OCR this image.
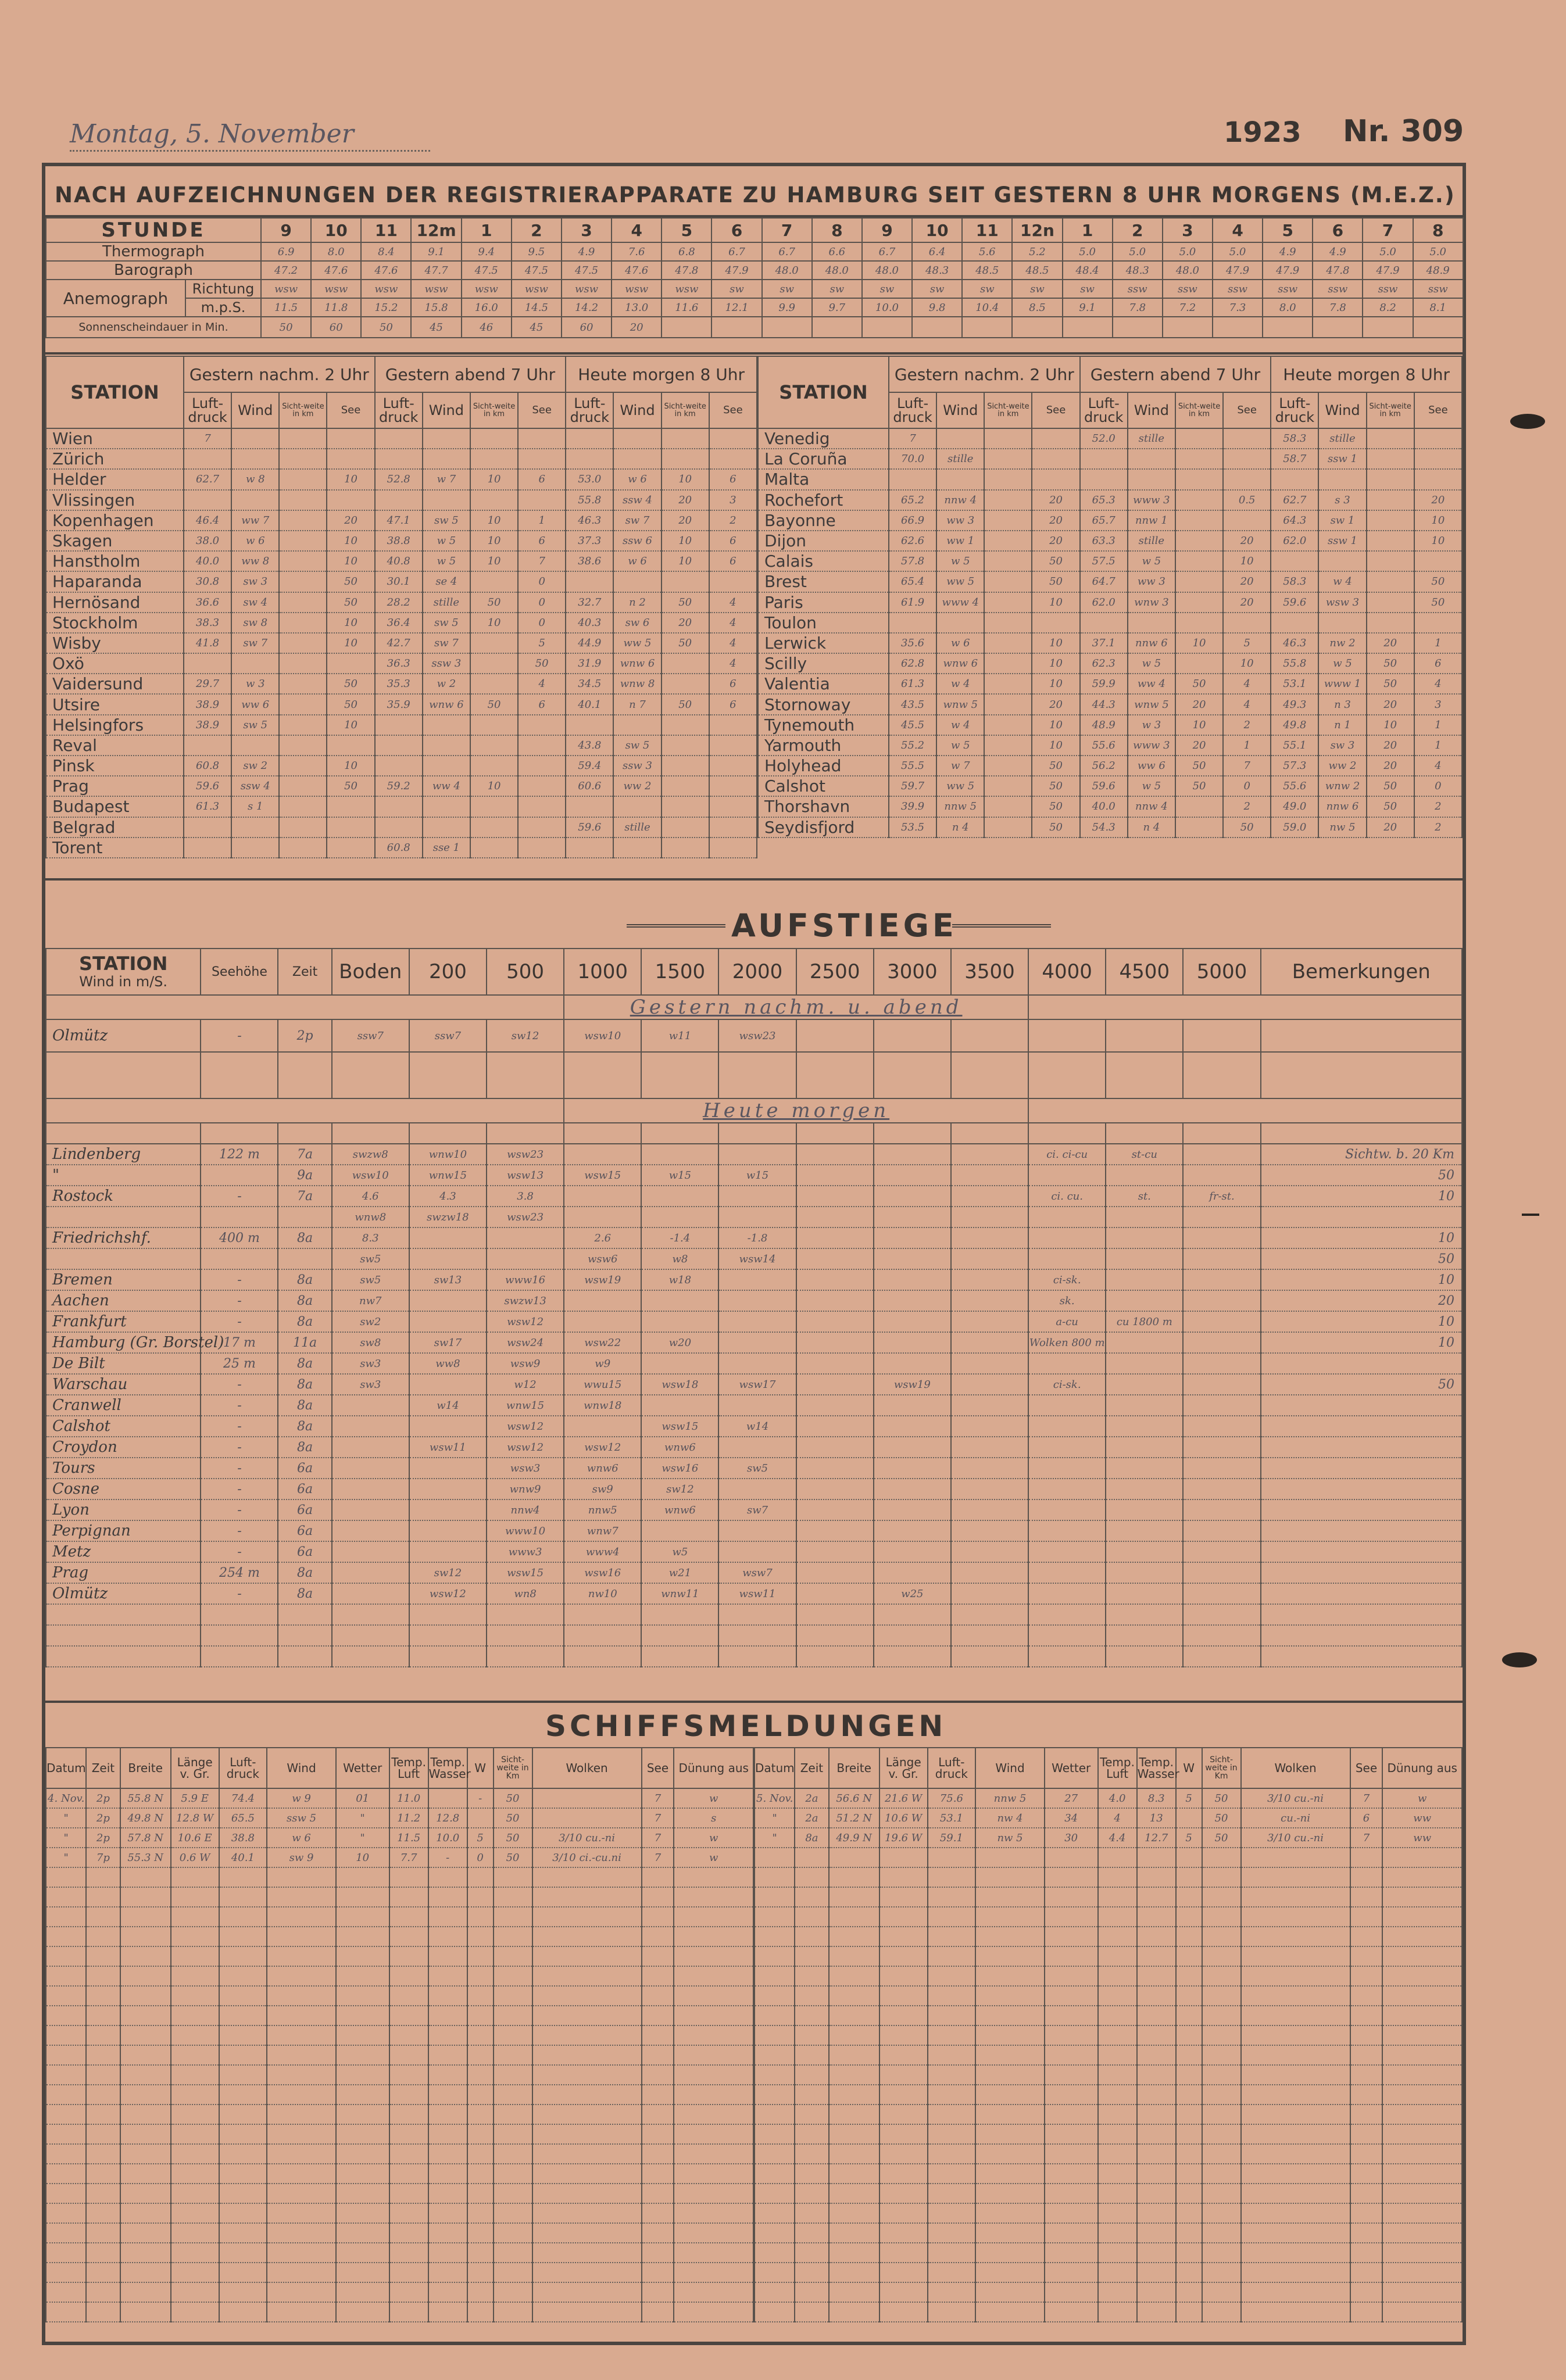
Montag, 5. November	1923 Nr. 309
NACH AUFZEICHNUNGEN DER REGISTRIERAPPARATE ZU HAMBURG SEIT GESTERN 8 UHR MORGENS (M.E.Z.)
STUNDE		9	10	11	12m	1	2	3	4	5	6	7	8	9	10	11	12n	1	2	3	4	5	6	7	8
Thermograph		6.9	8.0	8.4	9.1	9.4	9.5	4.9	7.6	6.8	6.7	6.7	6.6	6.7	6.4	5.6	5.2	5.0	5.0	5.0	5.0	4.9	4.9	5.0	5.0
Barograph		47.2	47.6	47.6	47.7	47.5	47.5	47.5	47.6	47.8	47.9	48.0	48.0	48.0	48.3	48.5	48.5	48.4	48.3	48.0	47.9	47.9	47.8	47.9	48.9
Anemograph	Richtung	wsw	wsw	wsw	wsw	wsw	wsw	wsw	wsw	wsw	sw	sw	sw	sw	sw	sw	sw	sw	ssw	ssw	ssw	ssw	ssw	ssw	ssw
	m.p.S.	11.5	11.8	15.2	15.8	16.0	14.5	14.2	13.0	11.6	12.1	9.9	9.7	10.0	9.8	10.4	8.5	9.1	7.8	7.2	7.3	8.0	7.8	8.2	8.1
Sonnenscheindauer in Min.		50	60	50	45	46	45	60	20																
STATION	Gestern nachm. 2 Uhr				Gestern abend 7 Uhr				Heute morgen 8 Uhr			
	Luft-druck	Wind	Sicht-weite in km	See	Luft-druck	Wind	Sicht-weite in km	See	Luft-druck	Wind	Sicht-weite in km	See
Wien	7											
Zürich												
Helder	62.7	w 8		10	52.8	w 7	10	6	53.0	w 6	10	6
Vlissingen									55.8	ssw 4	20	3
Kopenhagen	46.4	ww 7		20	47.1	sw 5	10	1	46.3	sw 7	20	2
Skagen	38.0	w 6		10	38.8	w 5	10	6	37.3	ssw 6	10	6
Hanstholm	40.0	ww 8		10	40.8	w 5	10	7	38.6	w 6	10	6
Haparanda	30.8	sw 3		50	30.1	se 4		0				
Hernösand	36.6	sw 4		50	28.2	stille	50	0	32.7	n 2	50	4
Stockholm	38.3	sw 8		10	36.4	sw 5	10	0	40.3	sw 6	20	4
Wisby	41.8	sw 7		10	42.7	sw 7		5	44.9	ww 5	50	4
Oxö					36.3	ssw 3		50	31.9	wnw 6		4
Vaidersund	29.7	w 3		50	35.3	w 2		4	34.5	wnw 8		6
Utsire	38.9	ww 6		50	35.9	wnw 6	50	6	40.1	n 7	50	6
Helsingfors	38.9	sw 5		10								
Reval									43.8	sw 5		
Pinsk	60.8	sw 2		10					59.4	ssw 3		
Prag	59.6	ssw 4		50	59.2	ww 4	10		60.6	ww 2		
Budapest	61.3	s 1										
Belgrad									59.6	stille		
Torent					60.8	sse 1						
STATION	Gestern nachm. 2 Uhr				Gestern abend 7 Uhr				Heute morgen 8 Uhr			
	Luft-druck	Wind	Sicht-weite in km	See	Luft-druck	Wind	Sicht-weite in km	See	Luft-druck	Wind	Sicht-weite in km	See
Venedig	7				52.0	stille			58.3	stille		
La Coruña	70.0	stille							58.7	ssw 1		
Malta												
Rochefort	65.2	nnw 4		20	65.3	www 3		0.5	62.7	s 3		20
Bayonne	66.9	ww 3		20	65.7	nnw 1			64.3	sw 1		10
Dijon	62.6	ww 1		20	63.3	stille		20	62.0	ssw 1		10
Calais	57.8	w 5		50	57.5	w 5		10				
Brest	65.4	ww 5		50	64.7	ww 3		20	58.3	w 4		50
Paris	61.9	www 4		10	62.0	wnw 3		20	59.6	wsw 3		50
Toulon												
Lerwick	35.6	w 6		10	37.1	nnw 6	10	5	46.3	nw 2	20	1
Scilly	62.8	wnw 6		10	62.3	w 5		10	55.8	w 5	50	6
Valentia	61.3	w 4		10	59.9	ww 4	50	4	53.1	www 1	50	4
Stornoway	43.5	wnw 5		20	44.3	wnw 5	20	4	49.3	n 3	20	3
Tynemouth	45.5	w 4		10	48.9	w 3	10	2	49.8	n 1	10	1
Yarmouth	55.2	w 5		10	55.6	www 3	20	1	55.1	sw 3	20	1
Holyhead	55.5	w 7		50	56.2	ww 6	50	7	57.3	ww 2	20	4
Calshot	59.7	ww 5		50	59.6	w 5	50	0	55.6	wnw 2	50	0
Thorshavn	39.9	nnw 5		50	40.0	nnw 4		2	49.0	nnw 6	50	2
Seydisfjord	53.5	n 4		50	54.3	n 4		50	59.0	nw 5	20	2
AUFSTIEGE
STATION
Wind in m/S.	Seehöhe	Zeit	Boden	200	500	1000	1500	2000	2500	3000	3500	4000	4500	5000	Bemerkungen
						Gestern nachm. u. abend									
Olmütz	-	2p	ssw7	ssw7	sw12	wsw10	w11	wsw23							

						Heute morgen									

Lindenberg	122 m	7a	swzw8	wnw10	wsw23							ci. ci-cu	st-cu		Sichtw. b. 20 Km
"		9a	wsw10	wnw15	wsw13	wsw15	w15	w15							50
Rostock	-	7a	4.6	4.3	3.8							ci. cu.	st.	fr-st.	10
			wnw8	swzw18	wsw23										
Friedrichshf.	400 m	8a	8.3			2.6	-1.4	-1.8							10
			sw5			wsw6	w8	wsw14							50
Bremen	-	8a	sw5	sw13	www16	wsw19	w18					ci-sk.			10
Aachen	-	8a	nw7		swzw13							sk.			20
Frankfurt	-	8a	sw2		wsw12							a-cu	cu 1800 m		10
Hamburg (Gr. Borstel)	17 m	11a	sw8	sw17	wsw24	wsw22	w20					Wolken 800 m			10
De Bilt	25 m	8a	sw3	ww8	wsw9	w9									
Warschau	-	8a	sw3		w12	wwu15	wsw18	wsw17		wsw19		ci-sk.			50
Cranwell	-	8a		w14	wnw15	wnw18									
Calshot	-	8a			wsw12		wsw15	w14							
Croydon	-	8a		wsw11	wsw12	wsw12	wnw6								
Tours	-	6a			wsw3	wnw6	wsw16	sw5							
Cosne	-	6a			wnw9	sw9	sw12								
Lyon	-	6a			nnw4	nnw5	wnw6	sw7							
Perpignan	-	6a			www10	wnw7									
Metz	-	6a			www3	www4	w5								
Prag	254 m	8a		sw12	wsw15	wsw16	w21	wsw7							
Olmütz	-	8a		wsw12	wn8	nw10	wnw11	wsw11		w25					

SCHIFFSMELDUNGEN
Datum	Zeit	Breite	Länge v. Gr.	Luft-druck	Wind	Wetter	Temp. Luft	Temp. Wasser	W	Sicht-weite in Km	Wolken	See	Dünung aus
4. Nov.	2p	55.8 N	5.9 E	74.4	w 9	01	11.0		-	50		7	w
"	2p	49.8 N	12.8 W	65.5	ssw 5	"	11.2	12.8		50		7	s
"	2p	57.8 N	10.6 E	38.8	w 6	"	11.5	10.0	5	50	3/10 cu.-ni	7	w
"	7p	55.3 N	0.6 W	40.1	sw 9	10	7.7	-	0	50	3/10 ci.-cu.ni	7	w

Datum	Zeit	Breite	Länge v. Gr.	Luft-druck	Wind	Wetter	Temp. Luft	Temp. Wasser	W	Sicht-weite in Km	Wolken	See	Dünung aus
5. Nov.	2a	56.6 N	21.6 W	75.6	nnw 5	27	4.0	8.3	5	50	3/10 cu.-ni	7	w
"	2a	51.2 N	10.6 W	53.1	nw 4	34	4	13		50	cu.-ni	6	ww
"	8a	49.9 N	19.6 W	59.1	nw 5	30	4.4	12.7	5	50	3/10 cu.-ni	7	ww
